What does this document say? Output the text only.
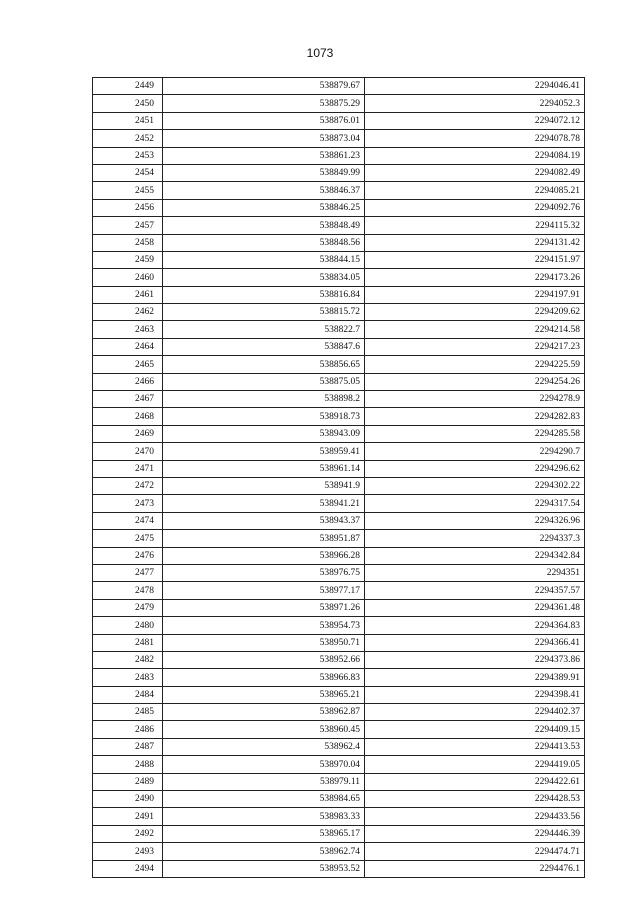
1073
2449	538879.67	2294046.41
2450	538875.29	2294052.3
2451	538876.01	2294072.12
2452	538873.04	2294078.78
2453	538861.23	2294084.19
2454	538849.99	2294082.49
2455	538846.37	2294085.21
2456	538846.25	2294092.76
2457	538848.49	2294115.32
2458	538848.56	2294131.42
2459	538844.15	2294151.97
2460	538834.05	2294173.26
2461	538816.84	2294197.91
2462	538815.72	2294209.62
2463	538822.7	2294214.58
2464	538847.6	2294217.23
2465	538856.65	2294225.59
2466	538875.05	2294254.26
2467	538898.2	2294278.9
2468	538918.73	2294282.83
2469	538943.09	2294285.58
2470	538959.41	2294290.7
2471	538961.14	2294296.62
2472	538941.9	2294302.22
2473	538941.21	2294317.54
2474	538943.37	2294326.96
2475	538951.87	2294337.3
2476	538966.28	2294342.84
2477	538976.75	2294351
2478	538977.17	2294357.57
2479	538971.26	2294361.48
2480	538954.73	2294364.83
2481	538950.71	2294366.41
2482	538952.66	2294373.86
2483	538966.83	2294389.91
2484	538965.21	2294398.41
2485	538962.87	2294402.37
2486	538960.45	2294409.15
2487	538962.4	2294413.53
2488	538970.04	2294419.05
2489	538979.11	2294422.61
2490	538984.65	2294428.53
2491	538983.33	2294433.56
2492	538965.17	2294446.39
2493	538962.74	2294474.71
2494	538953.52	2294476.1
